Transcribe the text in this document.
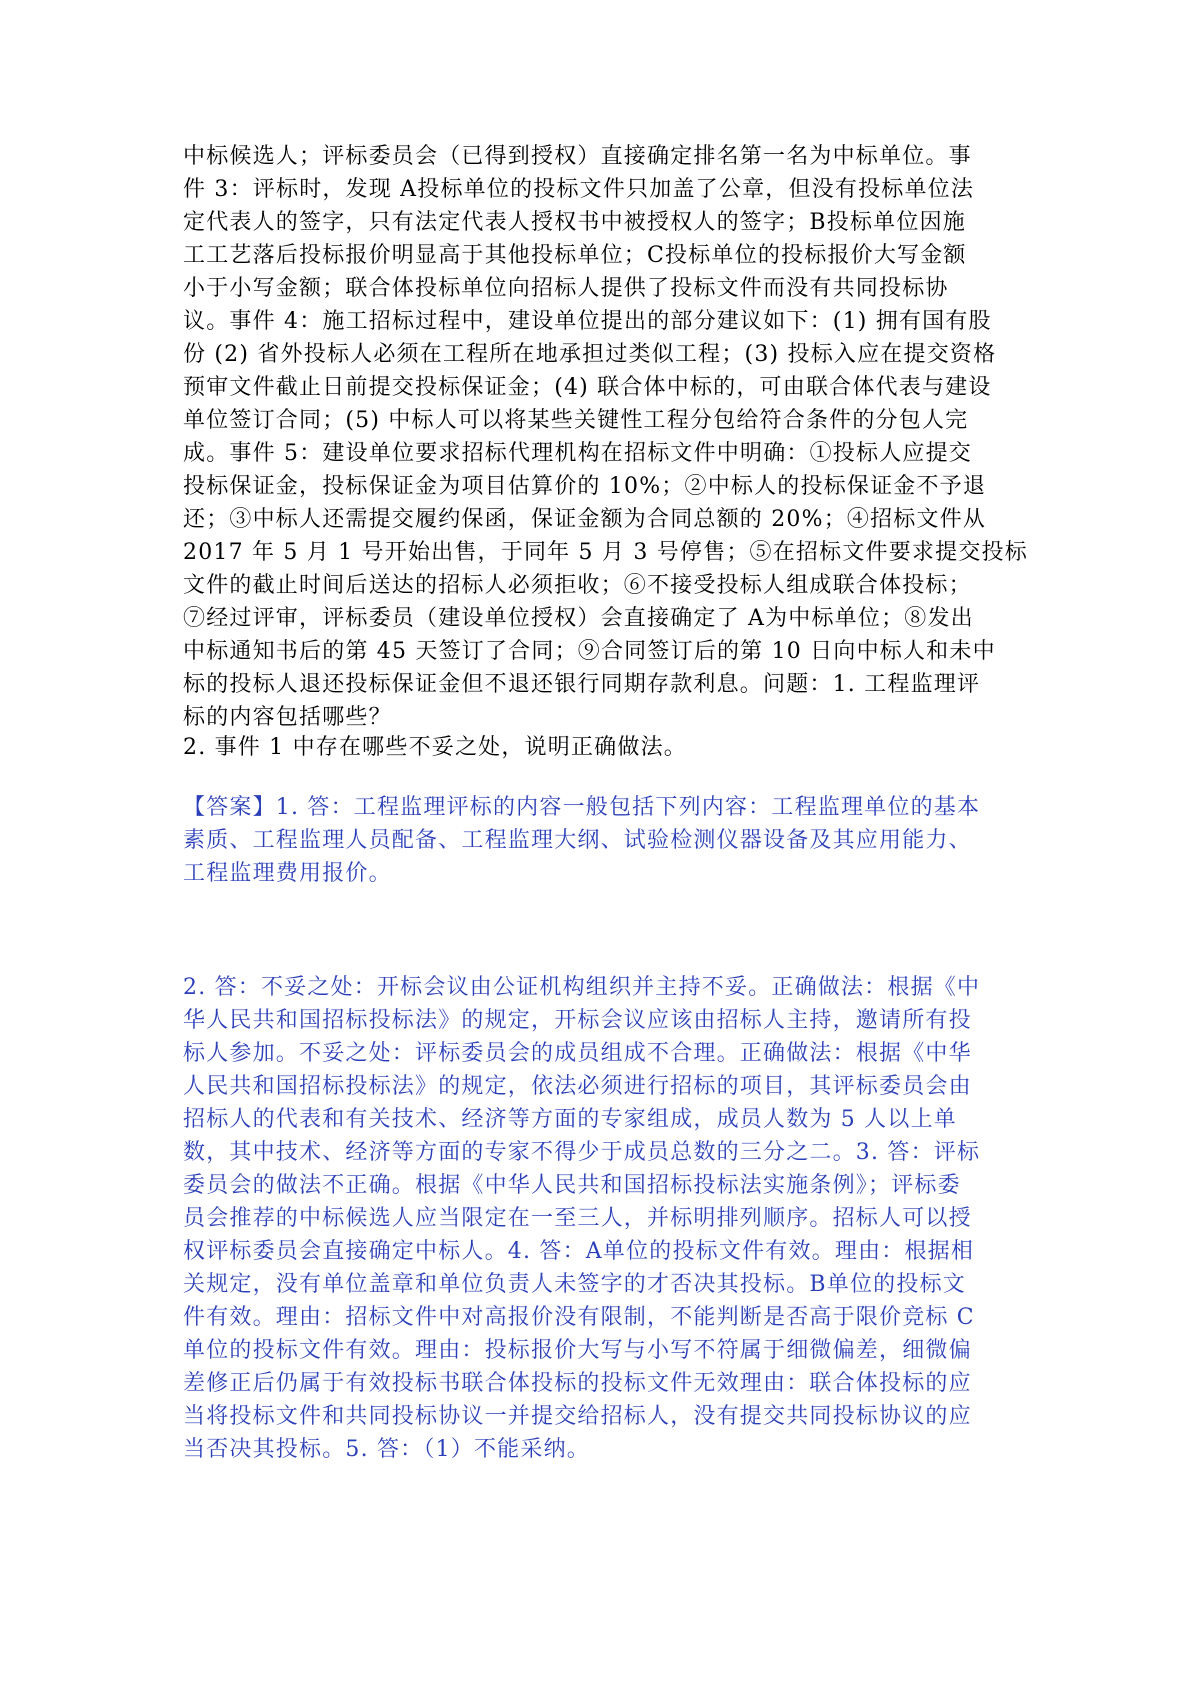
中标候选人；评标委员会（已得到授权）直接确定排名第一名为中标单位。事
件 3：评标时，发现 A投标单位的投标文件只加盖了公章，但没有投标单位法
定代表人的签字，只有法定代表人授权书中被授权人的签字；B投标单位因施
工工艺落后投标报价明显高于其他投标单位；C投标单位的投标报价大写金额
小于小写金额；联合体投标单位向招标人提供了投标文件而没有共同投标协
议。事件 4：施工招标过程中，建设单位提出的部分建议如下：(1) 拥有国有股
份 (2) 省外投标人必须在工程所在地承担过类似工程；(3) 投标入应在提交资格
预审文件截止日前提交投标保证金；(4) 联合体中标的，可由联合体代表与建设
单位签订合同；(5) 中标人可以将某些关键性工程分包给符合条件的分包人完
成。事件 5：建设单位要求招标代理机构在招标文件中明确：①投标人应提交
投标保证金，投标保证金为项目估算价的 10%；②中标人的投标保证金不予退
还；③中标人还需提交履约保函，保证金额为合同总额的 20%；④招标文件从
2017 年 5 月 1 号开始出售，于同年 5 月 3 号停售；⑤在招标文件要求提交投标
文件的截止时间后送达的招标人必须拒收；⑥不接受投标人组成联合体投标；
⑦经过评审，评标委员（建设单位授权）会直接确定了 A为中标单位；⑧发出
中标通知书后的第 45 天签订了合同；⑨合同签订后的第 10 日向中标人和未中
标的投标人退还投标保证金但不退还银行同期存款利息。问题：1. 工程监理评
标的内容包括哪些？
2. 事件 1 中存在哪些不妥之处，说明正确做法。
【答案】1. 答：工程监理评标的内容一般包括下列内容：工程监理单位的基本
素质、工程监理人员配备、工程监理大纲、试验检测仪器设备及其应用能力、
工程监理费用报价。
2. 答：不妥之处：开标会议由公证机构组织并主持不妥。正确做法：根据《中
华人民共和国招标投标法》的规定，开标会议应该由招标人主持，邀请所有投
标人参加。不妥之处：评标委员会的成员组成不合理。正确做法：根据《中华
人民共和国招标投标法》的规定，依法必须进行招标的项目，其评标委员会由
招标人的代表和有关技术、经济等方面的专家组成，成员人数为 5 人以上单
数，其中技术、经济等方面的专家不得少于成员总数的三分之二。3. 答：评标
委员会的做法不正确。根据《中华人民共和国招标投标法实施条例》；评标委
员会推荐的中标候选人应当限定在一至三人，并标明排列顺序。招标人可以授
权评标委员会直接确定中标人。4. 答：A单位的投标文件有效。理由：根据相
关规定，没有单位盖章和单位负责人未签字的才否决其投标。B单位的投标文
件有效。理由：招标文件中对高报价没有限制，不能判断是否高于限价竞标 C
单位的投标文件有效。理由：投标报价大写与小写不符属于细微偏差，细微偏
差修正后仍属于有效投标书联合体投标的投标文件无效理由：联合体投标的应
当将投标文件和共同投标协议一并提交给招标人，没有提交共同投标协议的应
当否决其投标。5. 答：（1）不能采纳。
